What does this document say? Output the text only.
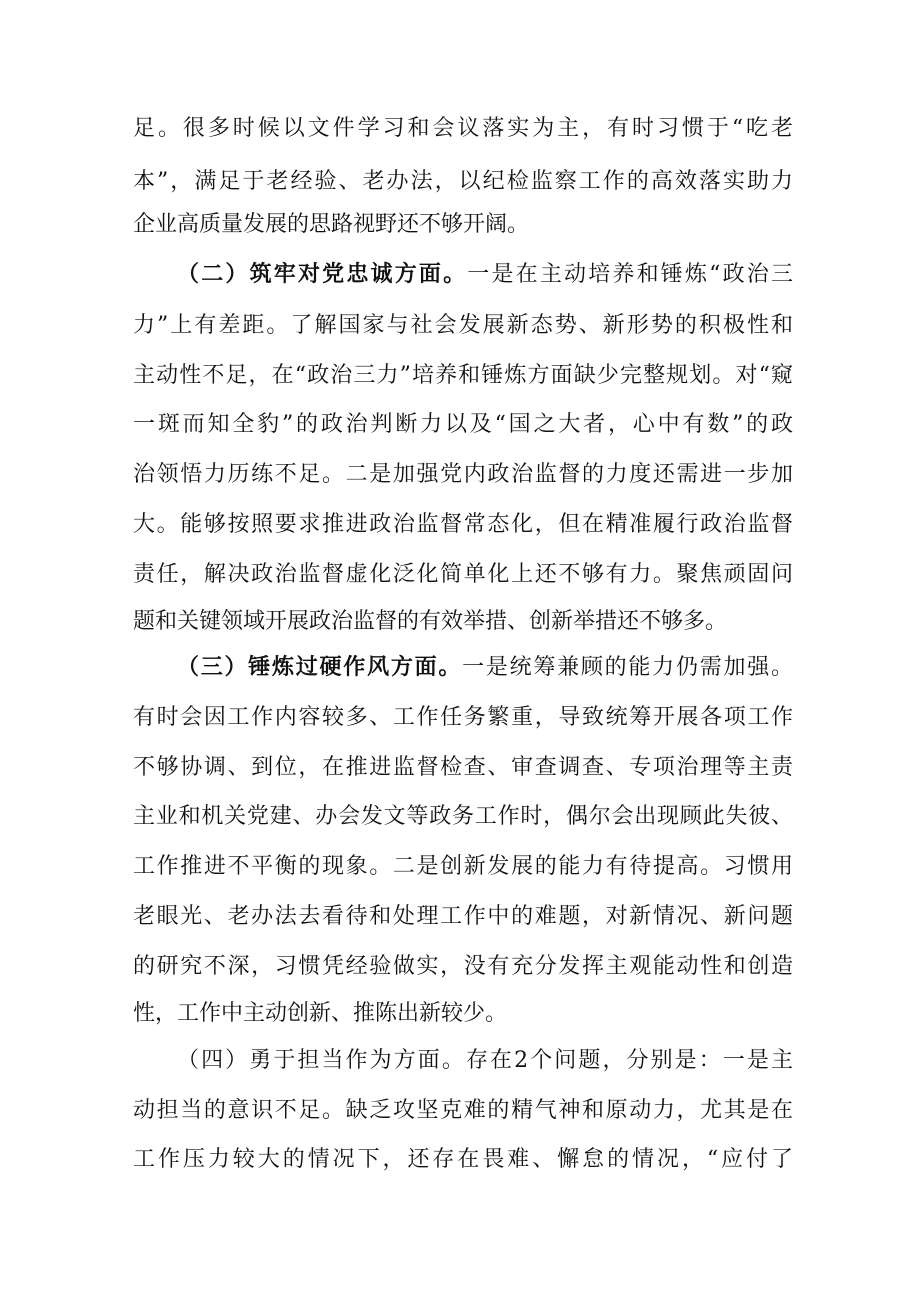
足。很多时候以文件学习和会议落实为主，有时习惯于“吃老
本”，满足于老经验、老办法，以纪检监察工作的高效落实助力
企业高质量发展的思路视野还不够开阔。
（二）筑牢对党忠诚方面。一是在主动培养和锤炼“政治三
力”上有差距。了解国家与社会发展新态势、新形势的积极性和
主动性不足，在“政治三力”培养和锤炼方面缺少完整规划。对“窥
一斑而知全豹”的政治判断力以及“国之大者，心中有数”的政
治领悟力历练不足。二是加强党内政治监督的力度还需进一步加
大。能够按照要求推进政治监督常态化，但在精准履行政治监督
责任，解决政治监督虚化泛化简单化上还不够有力。聚焦顽固问
题和关键领域开展政治监督的有效举措、创新举措还不够多。
（三）锤炼过硬作风方面。一是统筹兼顾的能力仍需加强。
有时会因工作内容较多、工作任务繁重，导致统筹开展各项工作
不够协调、到位，在推进监督检查、审查调查、专项治理等主责
主业和机关党建、办会发文等政务工作时，偶尔会出现顾此失彼、
工作推进不平衡的现象。二是创新发展的能力有待提高。习惯用
老眼光、老办法去看待和处理工作中的难题，对新情况、新问题
的研究不深，习惯凭经验做实，没有充分发挥主观能动性和创造
性，工作中主动创新、推陈出新较少。
（四）勇于担当作为方面。存在2个问题，分别是：一是主
动担当的意识不足。缺乏攻坚克难的精气神和原动力，尤其是在
工作压力较大的情况下，还存在畏难、懈怠的情况，“应付了
